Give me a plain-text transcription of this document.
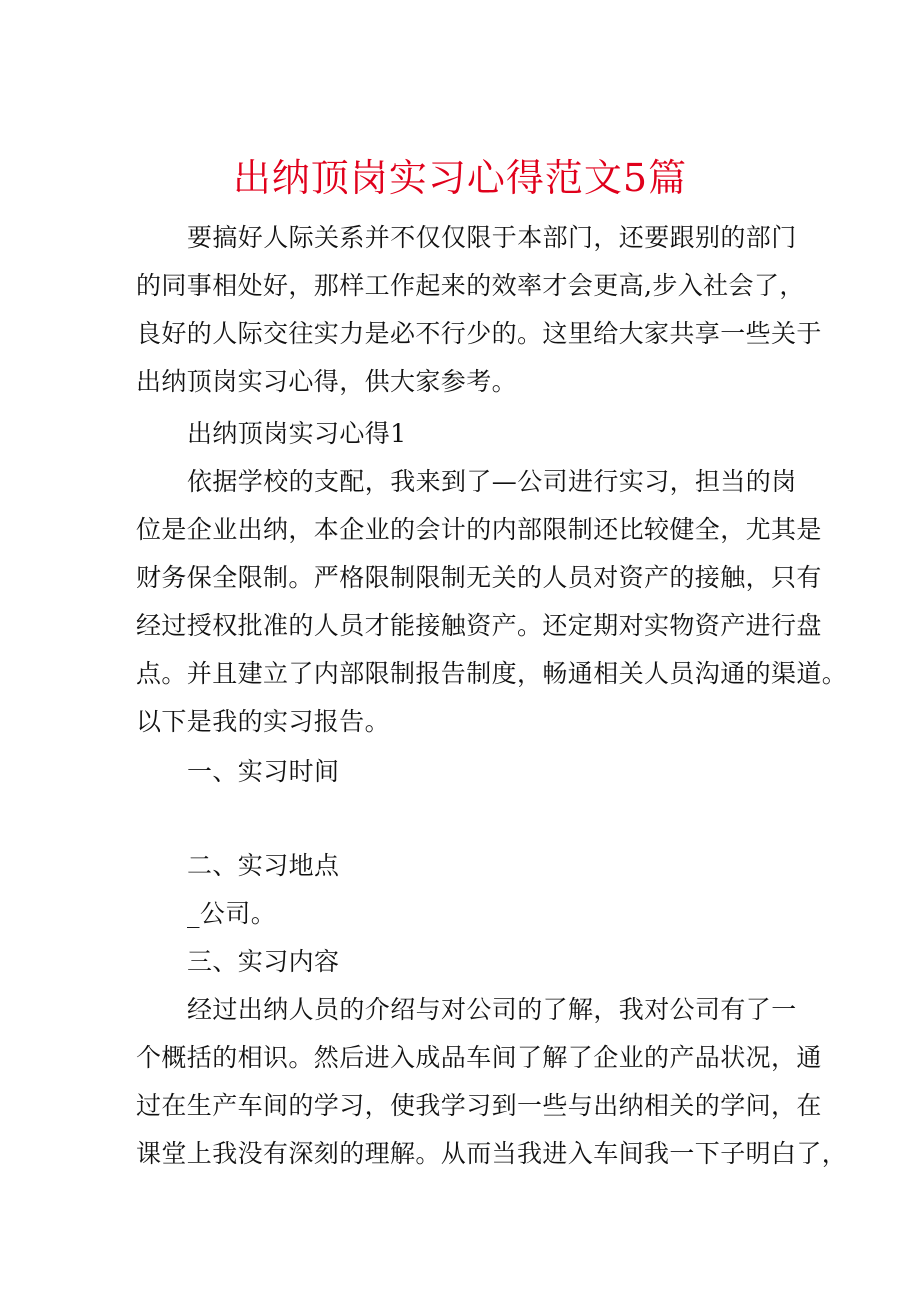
出纳顶岗实习心得范文5篇
要搞好人际关系并不仅仅限于本部门，还要跟别的部门
的同事相处好，那样工作起来的效率才会更高,步入社会了，
良好的人际交往实力是必不行少的。这里给大家共享一些关于
出纳顶岗实习心得，供大家参考。
出纳顶岗实习心得1
依据学校的支配，我来到了—公司进行实习，担当的岗
位是企业出纳，本企业的会计的内部限制还比较健全，尤其是
财务保全限制。严格限制限制无关的人员对资产的接触，只有
经过授权批准的人员才能接触资产。还定期对实物资产进行盘
点。并且建立了内部限制报告制度，畅通相关人员沟通的渠道。
以下是我的实习报告。
一、实习时间
二、实习地点
_公司。
三、实习内容
经过出纳人员的介绍与对公司的了解，我对公司有了一
个概括的相识。然后进入成品车间了解了企业的产品状况，通
过在生产车间的学习，使我学习到一些与出纳相关的学问，在
课堂上我没有深刻的理解。从而当我进入车间我一下子明白了，
